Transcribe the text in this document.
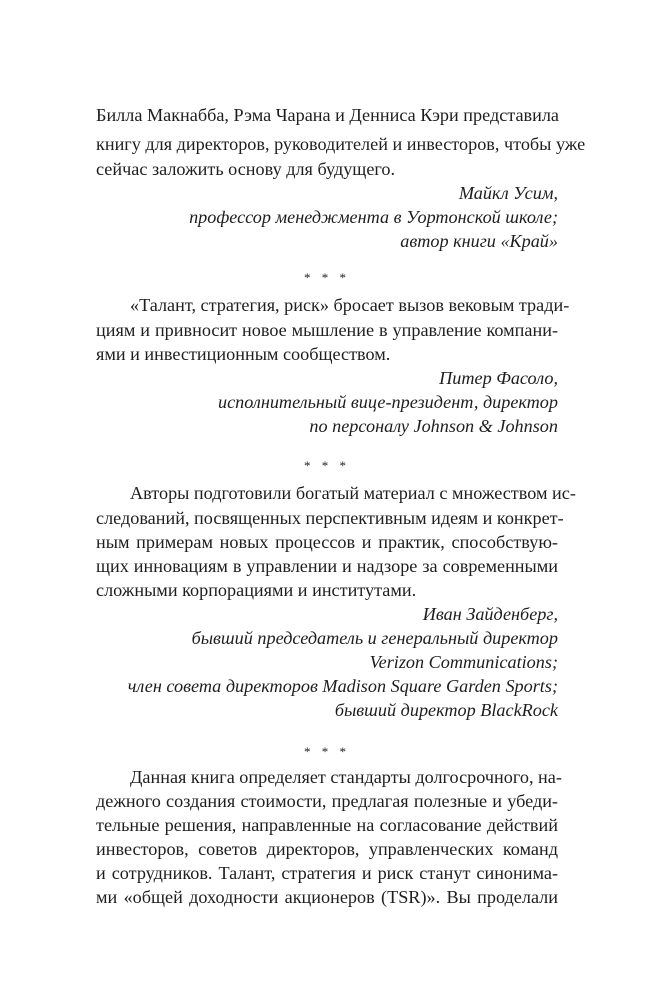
Билла Макнабба, Рэма Чарана и Денниса Кэри представила
книгу для директоров, руководителей и инвесторов, чтобы уже
сейчас заложить основу для будущего.
Майкл Усим,
профессор менеджмента в Уортонской школе;
автор книги «Край»
* * *
«Талант, стратегия, риск» бросает вызов вековым тради-
циям и привносит новое мышление в управление компани-
ями и инвестиционным сообществом.
Питер Фасоло,
исполнительный вице-президент, директор
по персоналу Johnson & Johnson
* * *
Авторы подготовили богатый материал с множеством ис-
следований, посвященных перспективным идеям и конкрет-
ным примерам новых процессов и практик, способствую-
щих инновациям в управлении и надзоре за современными
сложными корпорациями и институтами.
Иван Зайденберг,
бывший председатель и генеральный директор
Verizon Communications;
член совета директоров Madison Square Garden Sports;
бывший директор BlackRock
* * *
Данная книга определяет стандарты долгосрочного, на-
дежного создания стоимости, предлагая полезные и убеди-
тельные решения, направленные на согласование действий
инвесторов, советов директоров, управленческих команд
и сотрудников. Талант, стратегия и риск станут синонима-
ми «общей доходности акционеров (TSR)». Вы проделали
